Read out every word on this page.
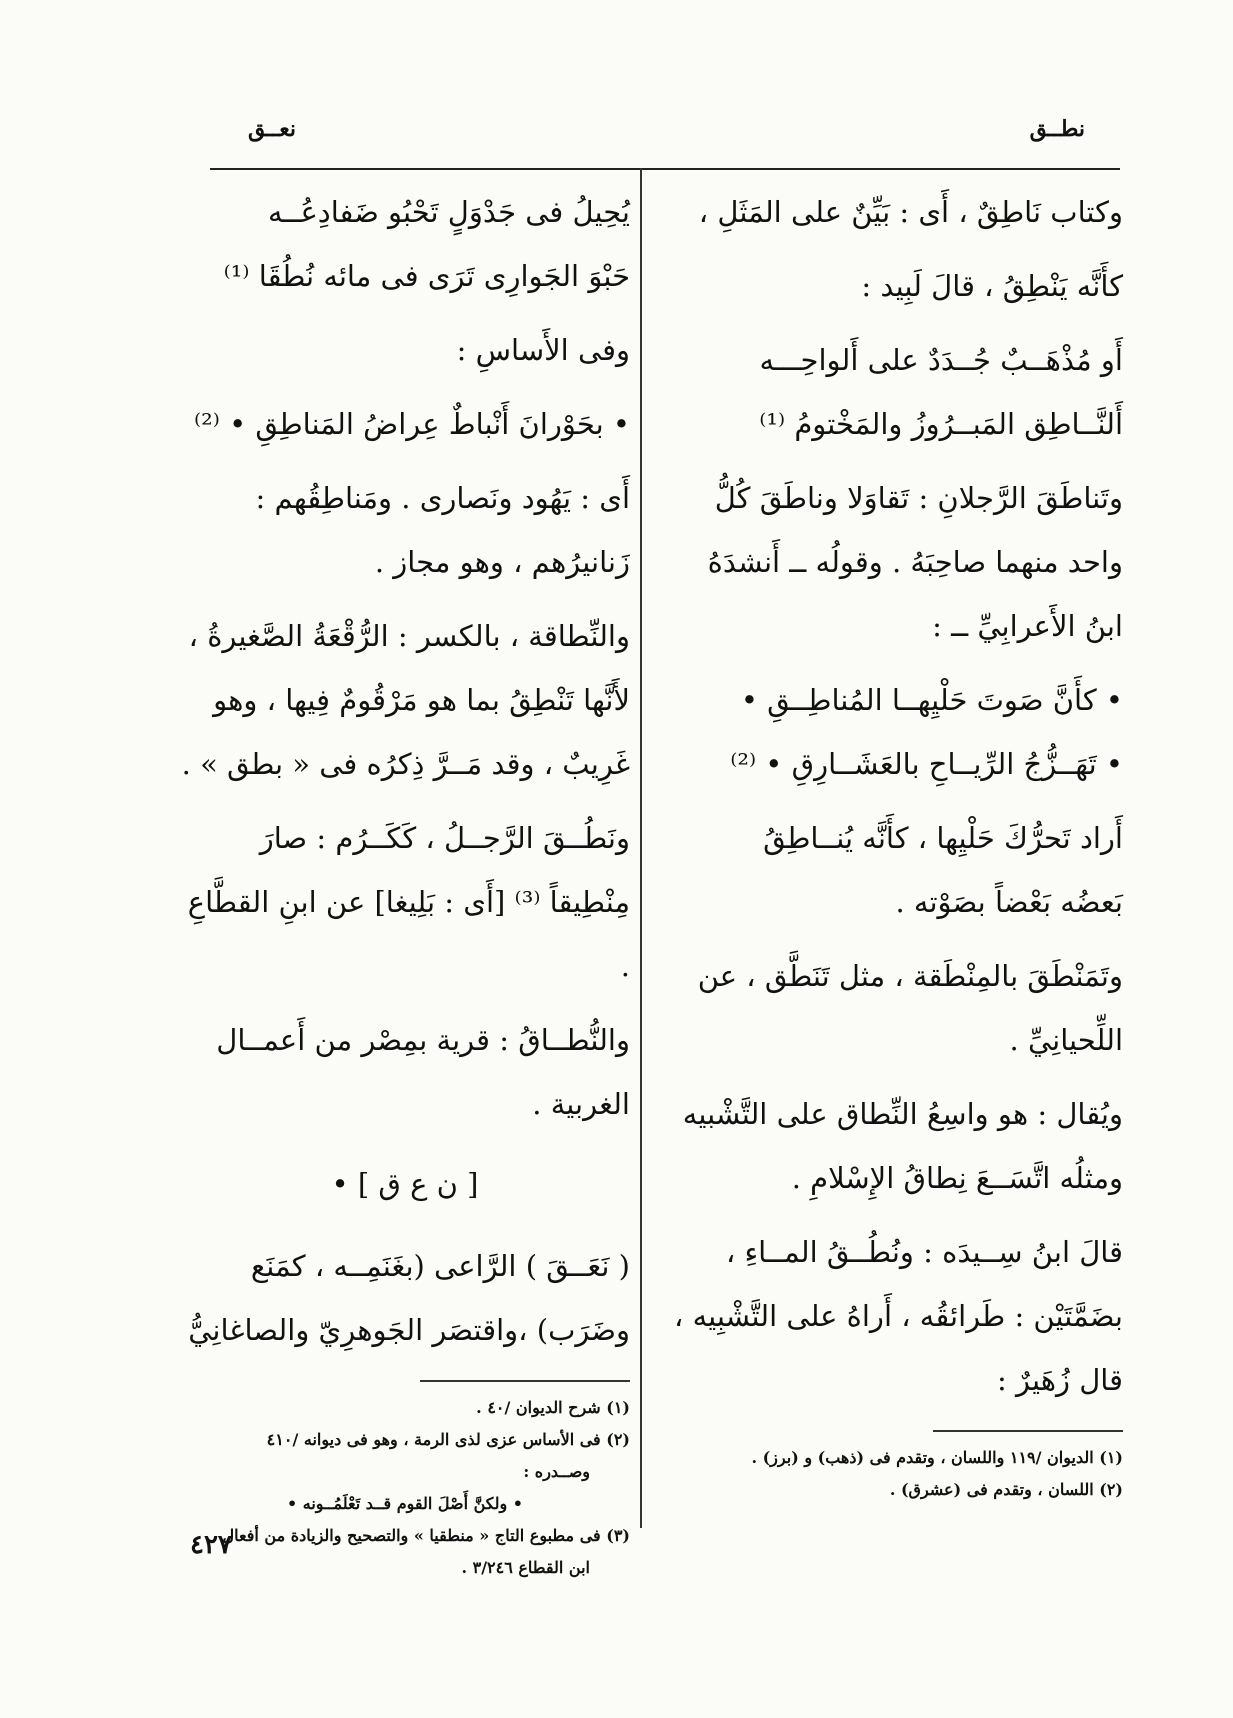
نطــق
نعــق

وكتاب نَاطِقٌ ، أَى : بَيِّنٌ على المَثَلِ ،

كأَنَّه يَنْطِقُ ، قالَ لَبِيد :

أَو مُذْهَــبٌ جُــدَدٌ على أَلواحِـــه

أَلنَّــاطِق المَبــرُوزُ والمَخْتومُ ⁽¹⁾

وتَناطَقَ الرَّجلانِ : تَقاوَلا وناطَقَ كُلُّ

واحد منهما صاحِبَهُ . وقولُه ــ أَنشدَهُ

ابنُ الأَعرابِيِّ ــ :

• كأَنَّ صَوتَ حَلْيِهــا المُناطِــقِ •

• تَهَــزُّجُ الرِّيــاحِ بالعَشَــارِقِ • ⁽²⁾

أَراد تَحرُّكَ حَلْيِها ، كأَنَّه يُنــاطِقُ

بَعضُه بَعْضاً بصَوْته .

وتَمَنْطَقَ بالمِنْطَقة ، مثل تَنَطَّق ، عن

اللِّحيانِيِّ .

ويُقال : هو واسِعُ النِّطاق على التَّشْبيه

ومثلُه اتَّسَــعَ نِطاقُ الإِسْلامِ .

قالَ ابنُ سِــيدَه : ونُطُــقُ المــاءِ ،

بضَمَّتَيْن : طَرائقُه ، أَراهُ على التَّشْبِيه ،

قال زُهَيرٌ :

(١) الديوان /١١٩ واللسان ، وتقدم فى (ذهب) و (برز) .

(٢) اللسان ، وتقدم فى (عشرق) .

يُحِيلُ فى جَدْوَلٍ تَحْبُو ضَفادِعُــه

حَبْوَ الجَوارِى تَرَى فى مائه نُطُقَا ⁽¹⁾

وفى الأَساسِ :

• بحَوْرانَ أَنْباطٌ عِراضُ المَناطِقِ • ⁽²⁾

أَى : يَهُود ونَصارى . ومَناطِقُهم :

زَنانيرُهم ، وهو مجاز .

والنِّطاقة ، بالكسر : الرُّقْعَةُ الصَّغيرةُ ،

لأَنَّها تَنْطِقُ بما هو مَرْقُومٌ فِيها ، وهو

غَرِيبٌ ، وقد مَــرَّ ذِكرُه فى « بطق » .

ونَطُــقَ الرَّجــلُ ، كَكَــرُم : صارَ

مِنْطِيقاً ⁽³⁾ [أَى : بَلِيغا] عن ابنِ القطَّاعِ .

والنُّطــاقُ : قرية بمِصْر من أَعمــال

الغربية .

[ ن ع ق ] •

( نَعَــقَ ) الرَّاعى (بغَنَمِــه ، كمَنَع

وضَرَب) ،واقتصَر الجَوهرِيّ والصاغانِيُّ

(١) شرح الديوان /٤٠ .

(٢) فى الأساس عزى لذى الرمة ، وهو فى ديوانه /٤١٠

وصــدره :

• ولكنَّ أَصْلَ القوم قــد تَعْلَمُــونه •

(٣) فى مطبوع التاج « منطقيا » والتصحيح والزيادة من أفعال

ابن القطاع ٣/٢٤٦ .

٤٢٧
